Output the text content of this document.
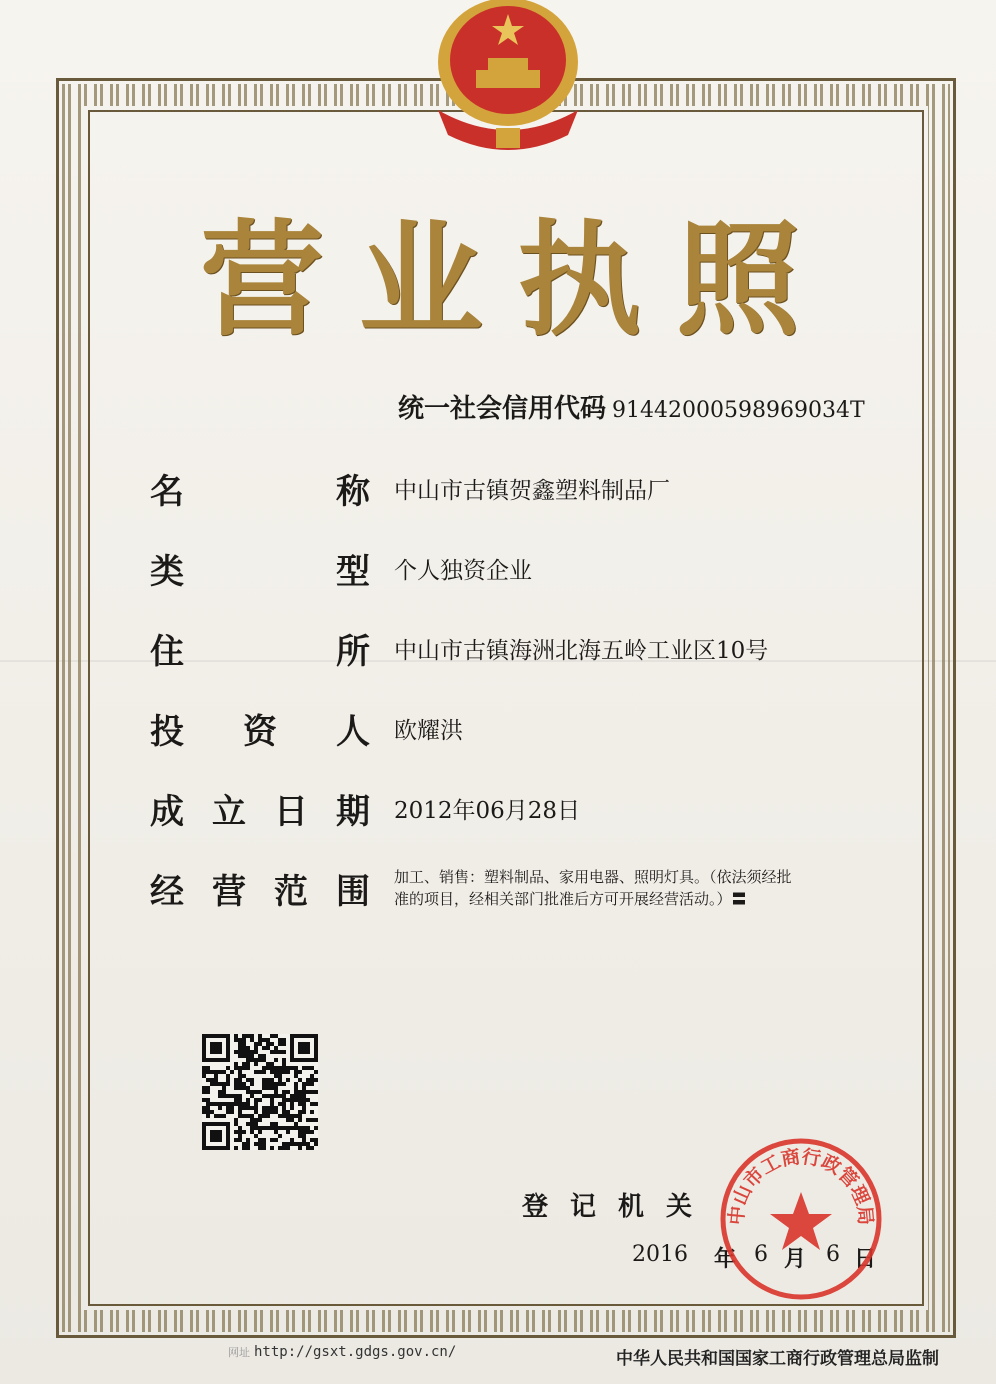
营 业 执 照
统一社会信用代码 91442000598969034T
名	称 中山市古镇贺鑫塑料制品厂
类	型 个人独资企业
住	所 中山市古镇海洲北海五岭工业区10号
投 资 人 欧耀洪
成 立 日 期 2012年06月28日
经 营 范 围 加工、销售：塑料制品、家用电器、照明灯具。（依法须经批
准的项目，经相关部门批准后方可开展经营活动。）〓
登 记 机 关
2016 年 6 月 6 日
中山市工商行政管理局
网址 http://gsxt.gdgs.gov.cn/	中华人民共和国国家工商行政管理总局监制
